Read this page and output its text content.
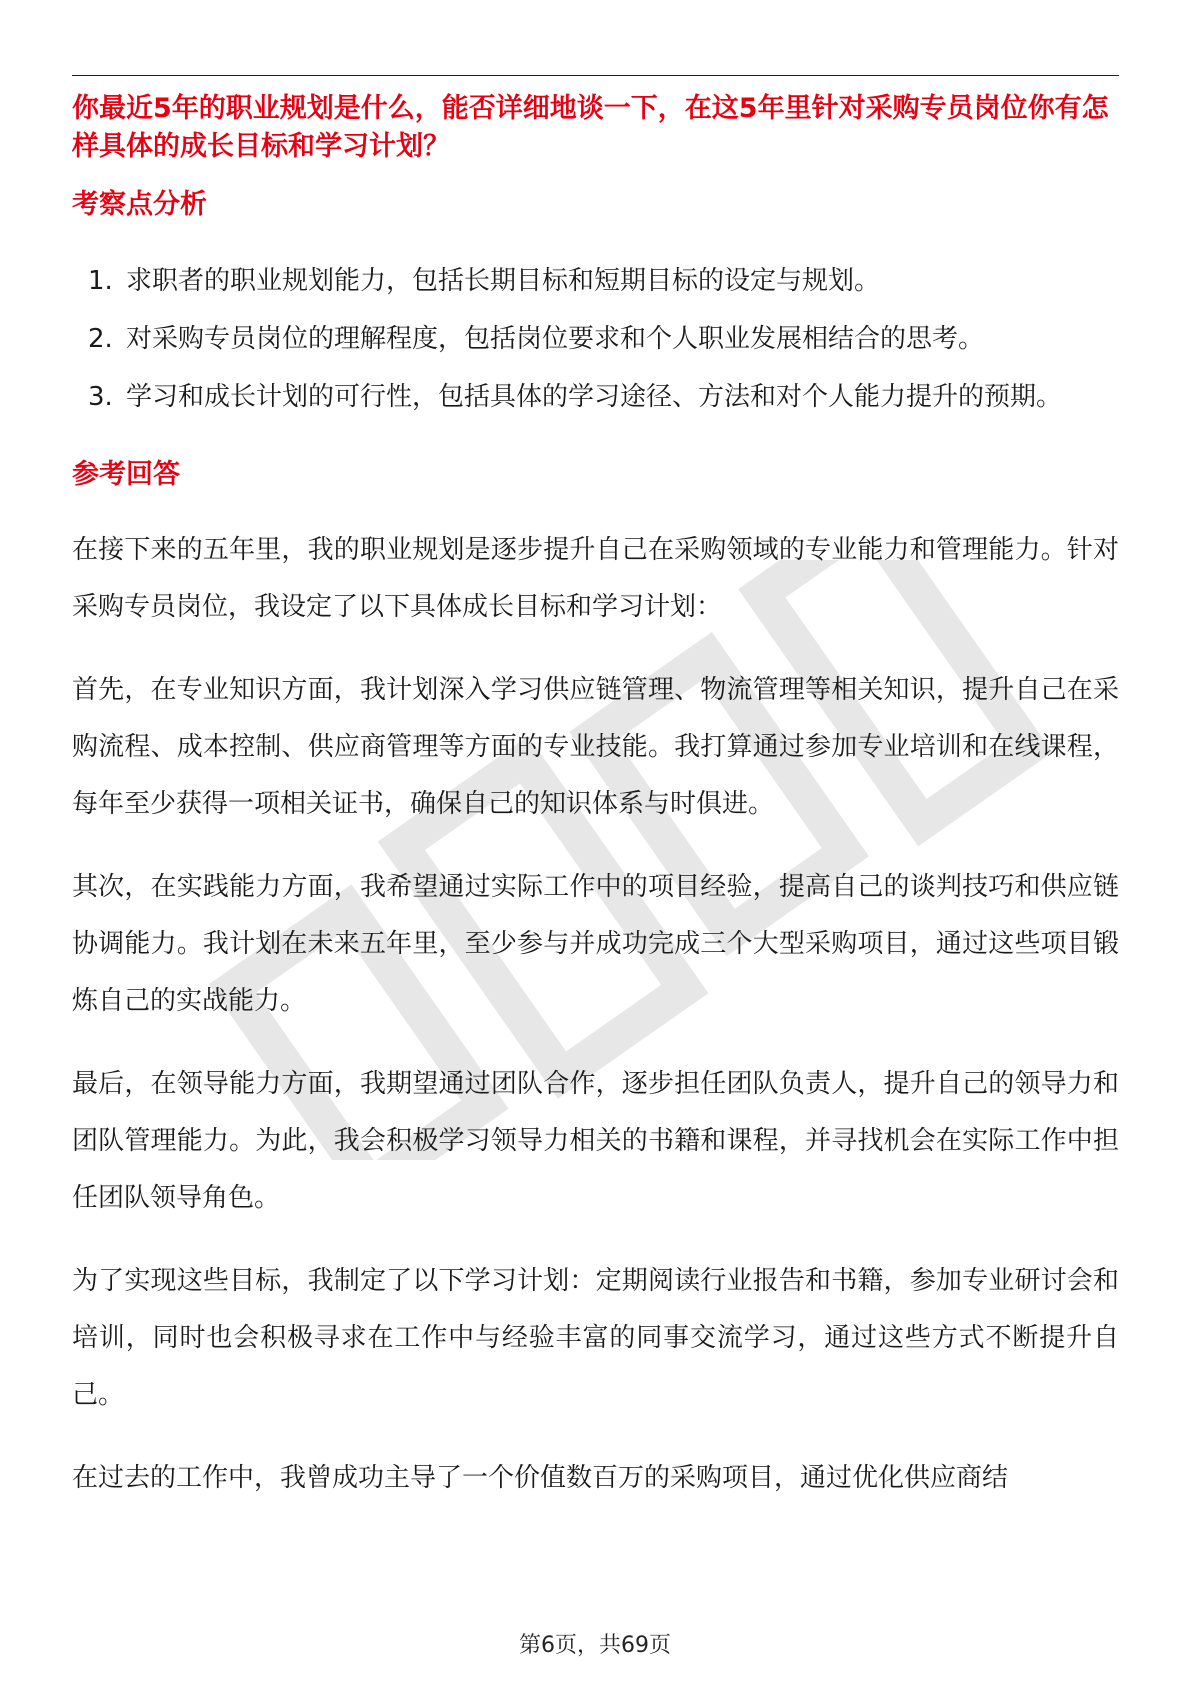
你最近5年的职业规划是什么，能否详细地谈一下，在这5年里针对采购专员岗位你有怎样具体的成长目标和学习计划？

考察点分析
1. 求职者的职业规划能力，包括长期目标和短期目标的设定与规划。
2. 对采购专员岗位的理解程度，包括岗位要求和个人职业发展相结合的思考。
3. 学习和成长计划的可行性，包括具体的学习途径、方法和对个人能力提升的预期。
参考回答

在接下来的五年里，我的职业规划是逐步提升自己在采购领域的专业能力和管理能力。针对采购专员岗位，我设定了以下具体成长目标和学习计划：

首先，在专业知识方面，我计划深入学习供应链管理、物流管理等相关知识，提升自己在采购流程、成本控制、供应商管理等方面的专业技能。我打算通过参加专业培训和在线课程，每年至少获得一项相关证书，确保自己的知识体系与时俱进。

其次，在实践能力方面，我希望通过实际工作中的项目经验，提高自己的谈判技巧和供应链协调能力。我计划在未来五年里，至少参与并成功完成三个大型采购项目，通过这些项目锻炼自己的实战能力。

最后，在领导能力方面，我期望通过团队合作，逐步担任团队负责人，提升自己的领导力和团队管理能力。为此，我会积极学习领导力相关的书籍和课程，并寻找机会在实际工作中担任团队领导角色。

为了实现这些目标，我制定了以下学习计划：定期阅读行业报告和书籍，参加专业研讨会和培训，同时也会积极寻求在工作中与经验丰富的同事交流学习，通过这些方式不断提升自己。

在过去的工作中，我曾成功主导了一个价值数百万的采购项目，通过优化供应商结

第6页，共69页
